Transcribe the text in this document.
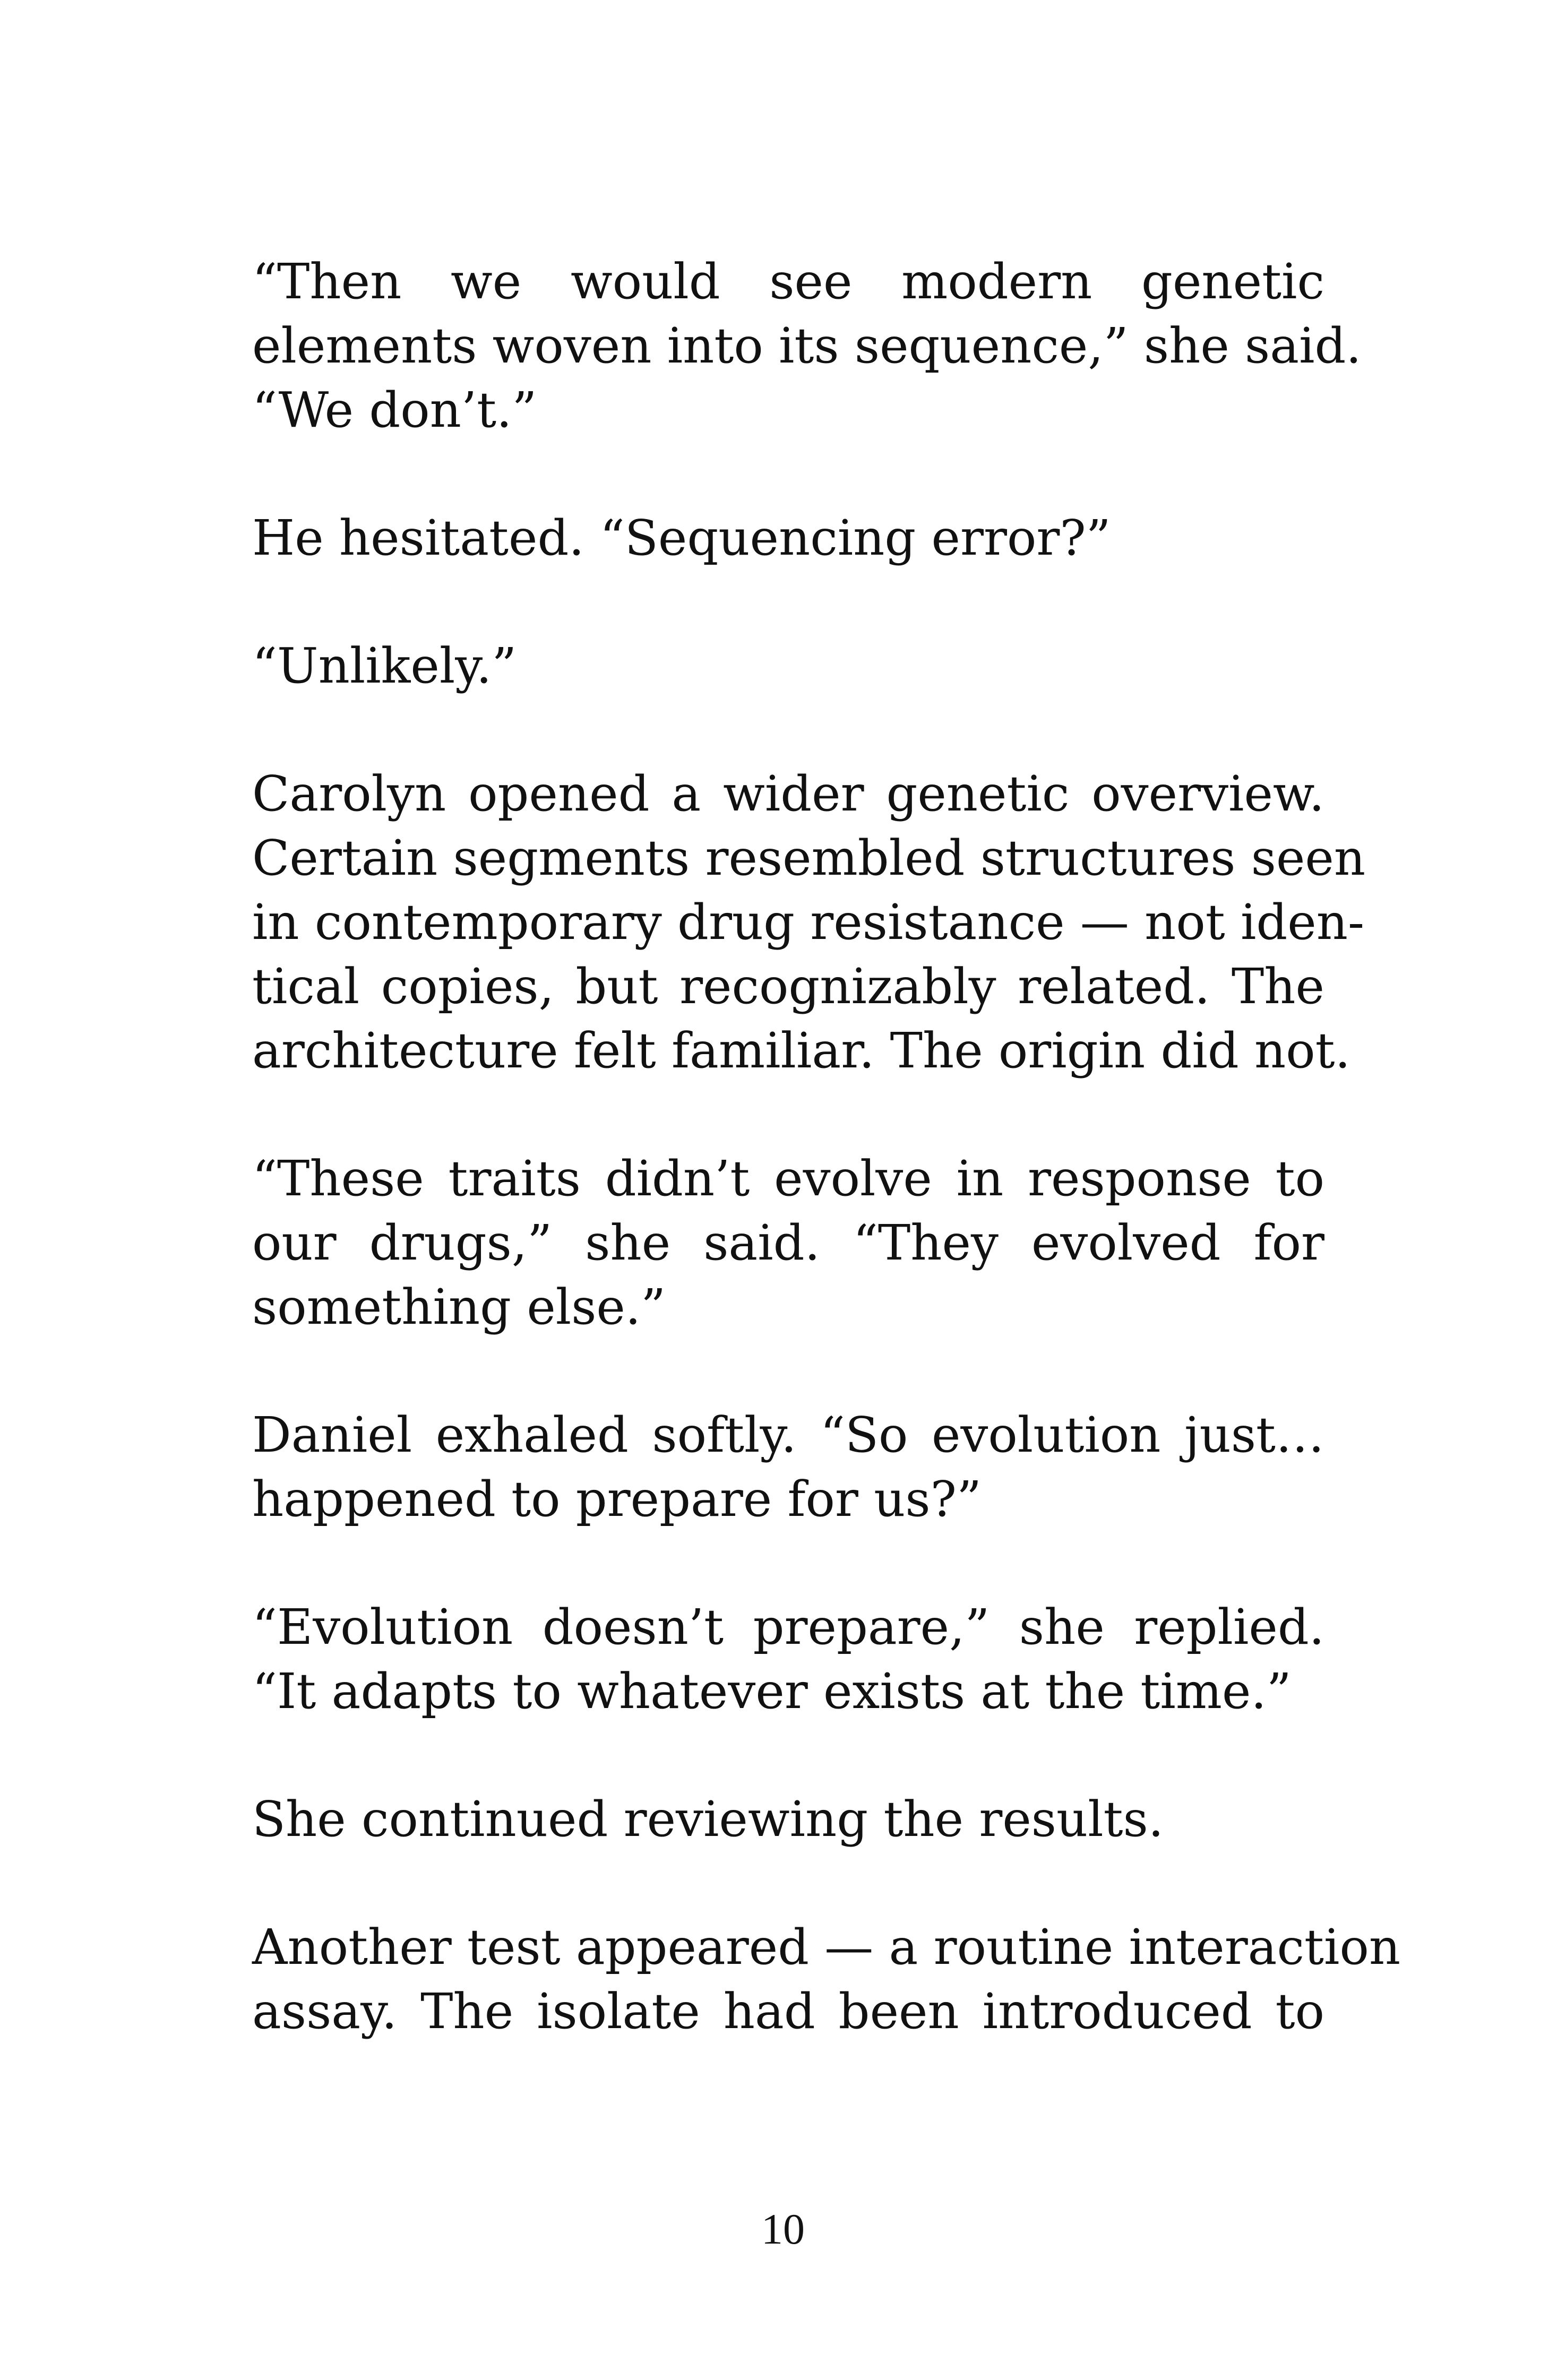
“Then we would see modern genetic
elements woven into its sequence,” she said.
“We don’t.”

He hesitated. “Sequencing error?”

“Unlikely.”

Carolyn opened a wider genetic overview.
Certain segments resembled structures seen
in contemporary drug resistance — not iden-
tical copies, but recognizably related. The
architecture felt familiar. The origin did not.

“These traits didn’t evolve in response to
our drugs,” she said. “They evolved for
something else.”

Daniel exhaled softly. “So evolution just…
happened to prepare for us?”

“Evolution doesn’t prepare,” she replied.
“It adapts to whatever exists at the time.”

She continued reviewing the results.

Another test appeared — a routine interaction
assay. The isolate had been introduced to

10
